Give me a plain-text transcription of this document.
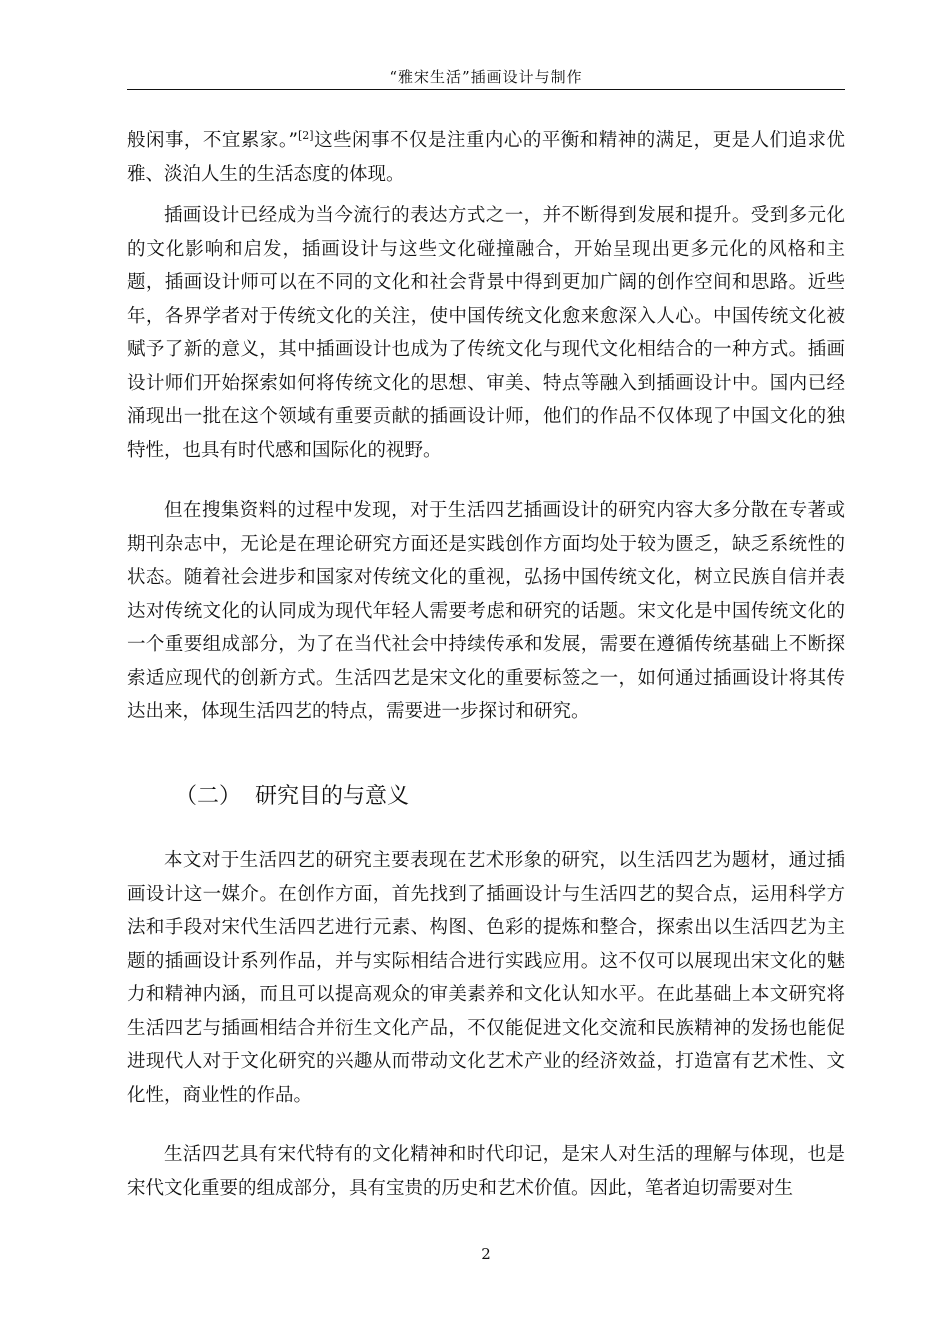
“雅宋生活”插画设计与制作

般闲事，不宜累家。”[2]这些闲事不仅是注重内心的平衡和精神的满足，更是人们追求优雅、淡泊人生的生活态度的体现。

插画设计已经成为当今流行的表达方式之一，并不断得到发展和提升。受到多元化的文化影响和启发，插画设计与这些文化碰撞融合，开始呈现出更多元化的风格和主题，插画设计师可以在不同的文化和社会背景中得到更加广阔的创作空间和思路。近些年，各界学者对于传统文化的关注，使中国传统文化愈来愈深入人心。中国传统文化被赋予了新的意义，其中插画设计也成为了传统文化与现代文化相结合的一种方式。插画设计师们开始探索如何将传统文化的思想、审美、特点等融入到插画设计中。国内已经涌现出一批在这个领域有重要贡献的插画设计师，他们的作品不仅体现了中国文化的独特性，也具有时代感和国际化的视野。

但在搜集资料的过程中发现，对于生活四艺插画设计的研究内容大多分散在专著或期刊杂志中，无论是在理论研究方面还是实践创作方面均处于较为匮乏，缺乏系统性的状态。随着社会进步和国家对传统文化的重视，弘扬中国传统文化，树立民族自信并表达对传统文化的认同成为现代年轻人需要考虑和研究的话题。宋文化是中国传统文化的一个重要组成部分，为了在当代社会中持续传承和发展，需要在遵循传统基础上不断探索适应现代的创新方式。生活四艺是宋文化的重要标签之一，如何通过插画设计将其传达出来，体现生活四艺的特点，需要进一步探讨和研究。

（二） 研究目的与意义

本文对于生活四艺的研究主要表现在艺术形象的研究，以生活四艺为题材，通过插画设计这一媒介。在创作方面，首先找到了插画设计与生活四艺的契合点，运用科学方法和手段对宋代生活四艺进行元素、构图、色彩的提炼和整合，探索出以生活四艺为主题的插画设计系列作品，并与实际相结合进行实践应用。这不仅可以展现出宋文化的魅力和精神内涵，而且可以提高观众的审美素养和文化认知水平。在此基础上本文研究将生活四艺与插画相结合并衍生文化产品，不仅能促进文化交流和民族精神的发扬也能促进现代人对于文化研究的兴趣从而带动文化艺术产业的经济效益，打造富有艺术性、文化性，商业性的作品。

生活四艺具有宋代特有的文化精神和时代印记，是宋人对生活的理解与体现，也是宋代文化重要的组成部分，具有宝贵的历史和艺术价值。因此，笔者迫切需要对生

2
